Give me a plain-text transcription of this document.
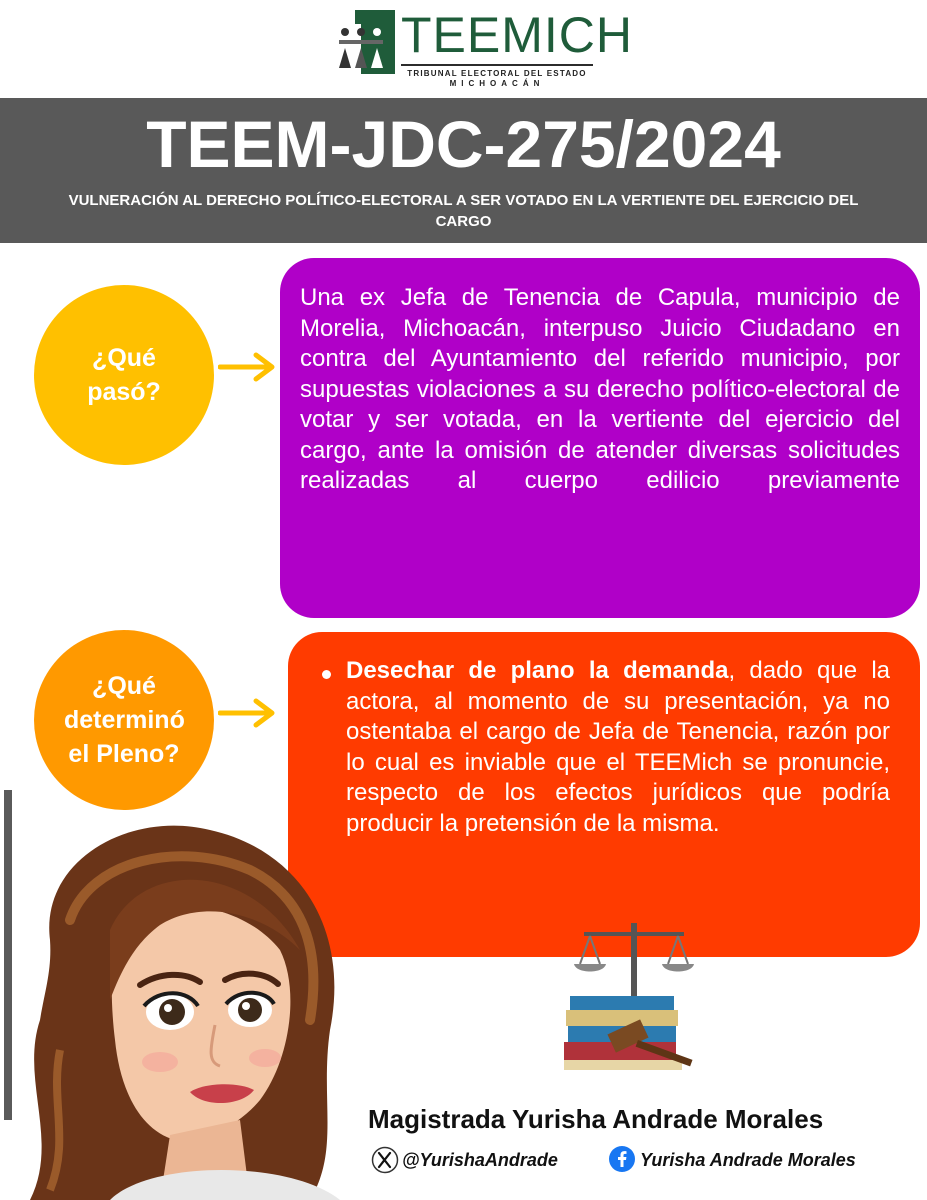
TEEMICH
TRIBUNAL ELECTORAL DEL ESTADO
MICHOACÁN
TEEM-JDC-275/2024
VULNERACIÓN AL DERECHO POLÍTICO-ELECTORAL A SER VOTADO EN LA VERTIENTE DEL EJERCICIO DEL CARGO
¿Qué
pasó?
Una ex Jefa de Tenencia de Capula, municipio de Morelia, Michoacán, interpuso Juicio Ciudadano en contra del Ayuntamiento del referido municipio, por supuestas violaciones a su derecho político-electoral de votar y ser votada, en la vertiente del ejercicio del cargo, ante la omisión de atender diversas solicitudes realizadas al cuerpo edilicio previamente
¿Qué
determinó
el Pleno?
Desechar de plano la demanda, dado que la actora, al momento de su presentación, ya no ostentaba el cargo de Jefa de Tenencia, razón por lo cual es inviable que el TEEMich se pronuncie, respecto de los efectos jurídicos que podría producir la pretensión de la misma.
Magistrada Yurisha Andrade Morales
@YurishaAndrade	Yurisha Andrade Morales
